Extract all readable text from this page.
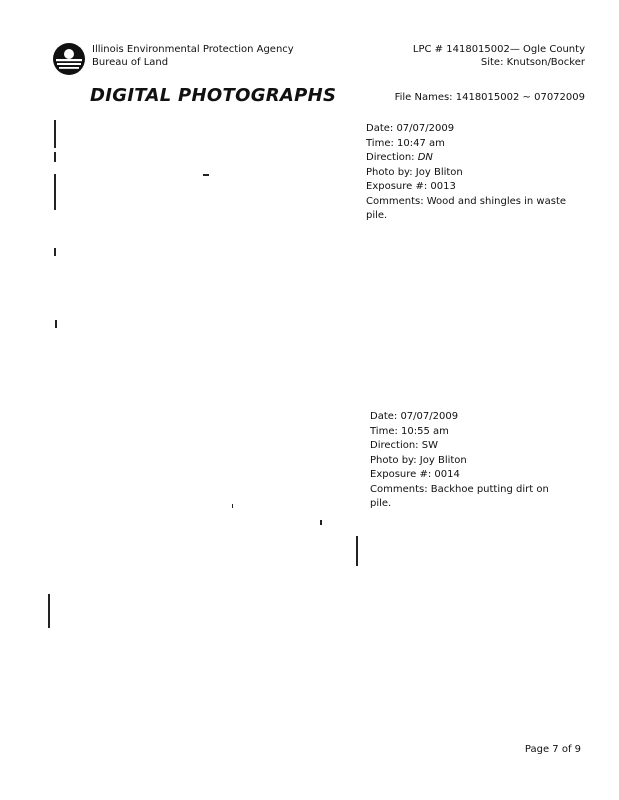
Illinois Environmental Protection Agency
Bureau of Land
LPC # 1418015002— Ogle County
Site: Knutson/Bocker
DIGITAL PHOTOGRAPHS	File Names: 1418015002 ~ 07072009
Date: 07/07/2009
Time: 10:47 am
Direction: DN
Photo by: Joy Bliton
Exposure #: 0013
Comments: Wood and shingles in waste
pile.
Date: 07/07/2009
Time: 10:55 am
Direction: SW
Photo by: Joy Bliton
Exposure #: 0014
Comments: Backhoe putting dirt on
pile.
Page 7 of 9
